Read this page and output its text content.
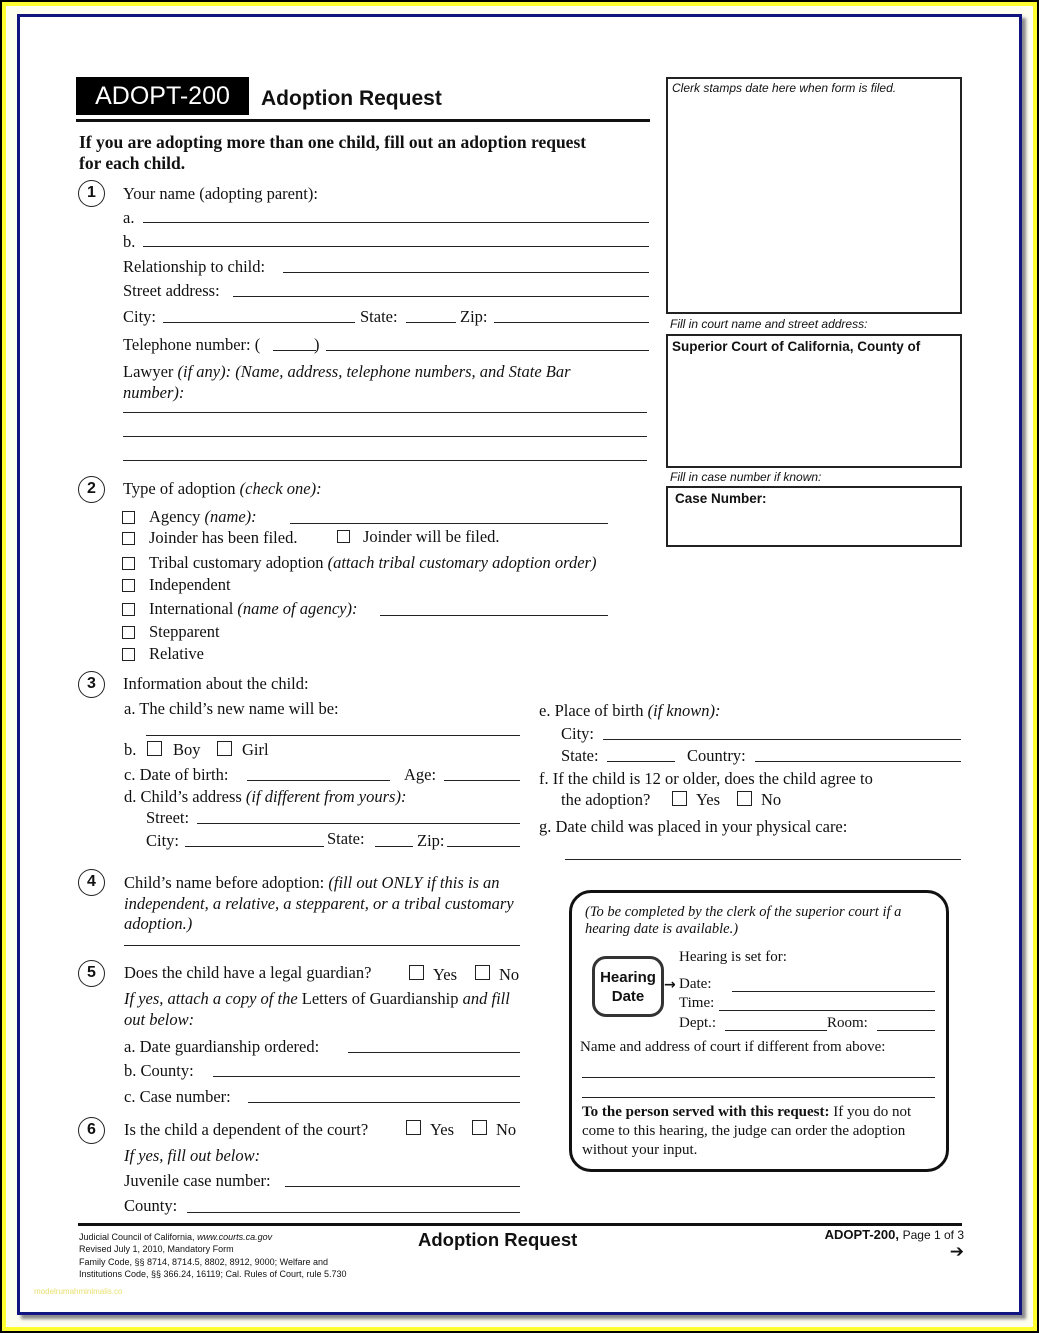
ADOPT-200	Adoption Request
If you are adopting more than one child, fill out an adoption request for each child.
Clerk stamps date here when form is filed.
Fill in court name and street address:
Superior Court of California, County of
Fill in case number if known:
Case Number:
1	Your name (adopting parent):
a.
b.
Relationship to child:
Street address:
City:	State:	Zip:
Telephone number: (	)
Lawyer (if any): (Name, address, telephone numbers, and State Bar number):
2	Type of adoption (check one):
Agency (name):
Joinder has been filed.	Joinder will be filed.
Tribal customary adoption (attach tribal customary adoption order)
Independent
International (name of agency):
Stepparent
Relative
3	Information about the child:
a. The child’s new name will be:
b. Boy	Girl
c. Date of birth:	Age:
d. Child’s address (if different from yours):
Street:
City:	State:	Zip:
e. Place of birth (if known):
City:
State:	Country:
f. If the child is 12 or older, does the child agree to
the adoption?	Yes No
g. Date child was placed in your physical care:
4	Child’s name before adoption: (fill out ONLY if this is an independent, a relative, a stepparent, or a tribal customary adoption.)
5	Does the child have a legal guardian?	Yes	No
If yes, attach a copy of the Letters of Guardianship and fill out below:
a. Date guardianship ordered:
b. County:
c. Case number:
6	Is the child a dependent of the court?	Yes	No
If yes, fill out below:
Juvenile case number:
County:
(To be completed by the clerk of the superior court if a hearing date is available.)
Hearing
Date
→
Hearing is set for:
Date:
Time:
Dept.:	Room:
Name and address of court if different from above:
To the person served with this request: If you do not come to this hearing, the judge can order the adoption without your input.
Judicial Council of California, www.courts.ca.gov
Revised July 1, 2010, Mandatory Form
Family Code, §§ 8714, 8714.5, 8802, 8912, 9000; Welfare and
Institutions Code, §§ 366.24, 16119; Cal. Rules of Court, rule 5.730
Adoption Request	ADOPT-200, Page 1 of 3
➔
modelrumahminimalis.co
